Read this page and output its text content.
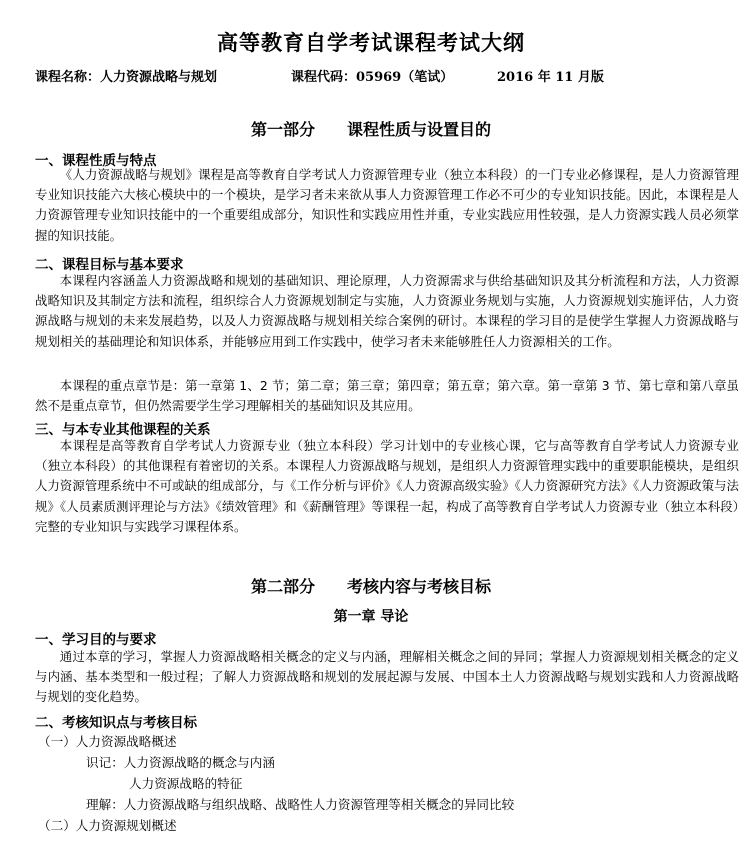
高等教育自学考试课程考试大纲
课程名称：人力资源战略与规划	课程代码：05969（笔试）	2016 年 11 月版
第一部分　　课程性质与设置目的
一、课程性质与特点

《人力资源战略与规划》课程是高等教育自学考试人力资源管理专业（独立本科段）的一门专业必修课程，是人力资源管理专业知识技能六大核心模块中的一个模块，是学习者未来欲从事人力资源管理工作必不可少的专业知识技能。因此，本课程是人力资源管理专业知识技能中的一个重要组成部分，知识性和实践应用性并重，专业实践应用性较强，是人力资源实践人员必须掌握的知识技能。

二、课程目标与基本要求

本课程内容涵盖人力资源战略和规划的基础知识、理论原理，人力资源需求与供给基础知识及其分析流程和方法，人力资源战略知识及其制定方法和流程，组织综合人力资源规划制定与实施，人力资源业务规划与实施，人力资源规划实施评估，人力资源战略与规划的未来发展趋势，以及人力资源战略与规划相关综合案例的研讨。本课程的学习目的是使学生掌握人力资源战略与规划相关的基础理论和知识体系，并能够应用到工作实践中，使学习者未来能够胜任人力资源相关的工作。

本课程的重点章节是：第一章第 1、2 节；第二章；第三章；第四章；第五章；第六章。第一章第 3 节、第七章和第八章虽然不是重点章节，但仍然需要学生学习理解相关的基础知识及其应用。

三、与本专业其他课程的关系

本课程是高等教育自学考试人力资源专业（独立本科段）学习计划中的专业核心课，它与高等教育自学考试人力资源专业（独立本科段）的其他课程有着密切的关系。本课程人力资源战略与规划，是组织人力资源管理实践中的重要职能模块，是组织人力资源管理系统中不可或缺的组成部分，与《工作分析与评价》《人力资源高级实验》《人力资源研究方法》《人力资源政策与法规》《人员素质测评理论与方法》《绩效管理》和《薪酬管理》等课程一起，构成了高等教育自学考试人力资源专业（独立本科段）完整的专业知识与实践学习课程体系。

第二部分　　考核内容与考核目标
第一章 导论
一、学习目的与要求

通过本章的学习，掌握人力资源战略相关概念的定义与内涵，理解相关概念之间的异同；掌握人力资源规划相关概念的定义与内涵、基本类型和一般过程；了解人力资源战略和规划的发展起源与发展、中国本土人力资源战略与规划实践和人力资源战略与规划的变化趋势。

二、考核知识点与考核目标
（一）人力资源战略概述
识记：人力资源战略的概念与内涵
人力资源战略的特征
理解：人力资源战略与组织战略、战略性人力资源管理等相关概念的异同比较
（二）人力资源规划概述
